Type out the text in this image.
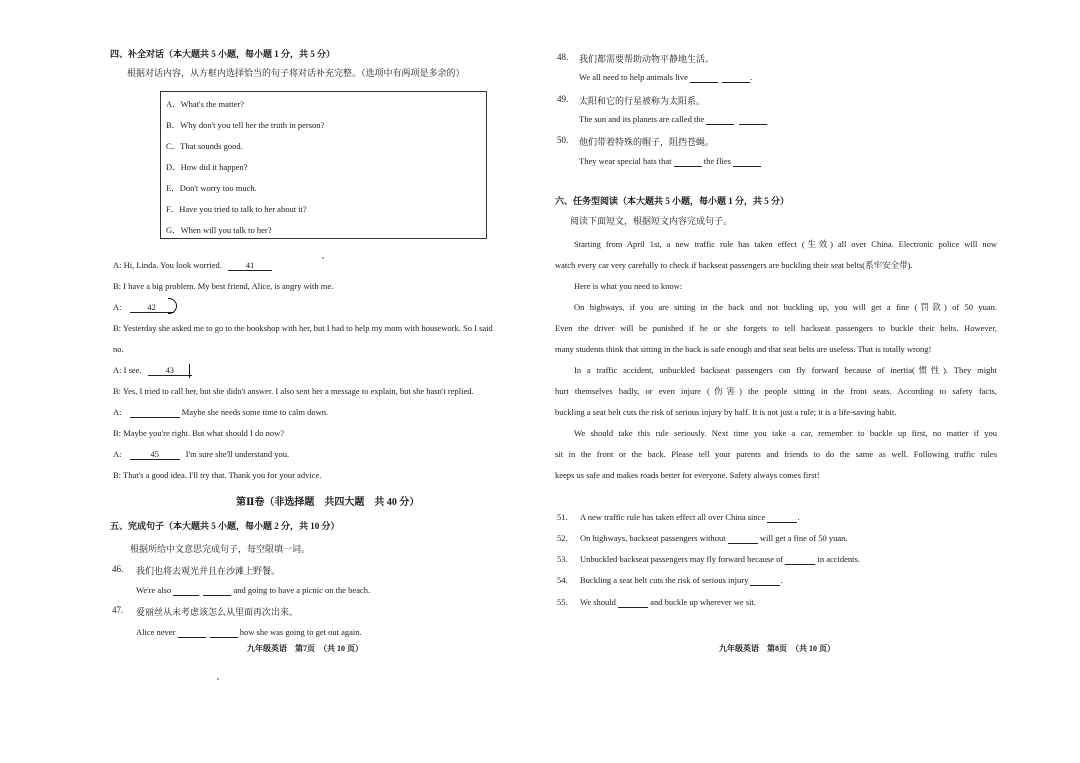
四、补全对话（本大题共 5 小题，每小题 1 分，共 5 分）
根据对话内容，从方框内选择恰当的句子将对话补充完整。（选项中有两项是多余的）
A．What's the matter?
B．Why don't you tell her the truth in person?
C．That sounds good.
D．How did it happen?
E．Don't worry too much.
F．Have you tried to talk to her about it?
G．When will you talk to her?
A: Hi, Linda. You look worried.	41
B: I have a big problem. My best friend, Alice, is angry with me.
A:	42
B: Yesterday she asked me to go to the bookshop with her, but I had to help my mom with housework. So I said
no.
A: I see.	43
B: Yes, I tried to call her, but she didn't answer. I also sent her a message to explain, but she hasn't replied.
A:	Maybe she needs some time to calm down.
B: Maybe you're right. But what should I do now?
A:	45	I'm sure she'll understand you.
B: That's a good idea. I'll try that. Thank you for your advice.
第Ⅱ卷（非选择题　共四大题　共 40 分）
五、完成句子（本大题共 5 小题，每小题 2 分，共 10 分）
根据所给中文意思完成句子，每空限填一词。
46. 我们也将去观光并且在沙滩上野餐。
We're also	and going to have a picnic on the beach.
47. 爱丽丝从未考虑该怎么从里面再次出来。
Alice never	how she was going to get out again.
九年级英语　第7页　（共 10 页）
48. 我们都需要帮助动物平静地生活。
We all need to help animals live	.
49. 太阳和它的行星被称为太阳系。
The sun and its planets are called the
50. 他们带着特殊的帽子，阻挡苍蝇。
They wear special hats that	the flies
六、任务型阅读（本大题共 5 小题，每小题 1 分，共 5 分）
阅读下面短文，根据短文内容完成句子。
Starting from April 1st, a new traffic rule has taken effect (生效) all over China. Electronic police will now
watch every car very carefully to check if backseat passengers are buckling their seat belts(系牢安全带).
Here is what you need to know:
On highways, if you are sitting in the back and not buckling up, you will get a fine (罚款) of 50 yuan.
Even the driver will be punished if he or she forgets to tell backseat passengers to buckle their belts. However,
many students think that sitting in the back is safe enough and that seat belts are useless. That is totally wrong!
In a traffic accident, unbuckled backseat passengers can fly forward because of inertia(惯性). They might
hurt themselves badly, or even injure (伤害) the people sitting in the front seats. According to safety facts,
buckling a seat belt cuts the risk of serious injury by half. It is not just a rule; it is a life-saving habit.
We should take this rule seriously. Next time you take a car, remember to buckle up first, no matter if you
sit in the front or the back. Please tell your parents and friends to do the same as well. Following traffic rules
keeps us safe and makes roads better for everyone. Safety always comes first!
51. A new traffic rule has taken effect all over China since	.
52. On highways, backseat passengers without	will get a fine of 50 yuan.
53. Unbuckled backseat passengers may fly forward because of	in accidents.
54. Buckling a seat belt cuts the risk of serious injury	.
55. We should	and buckle up wherever we sit.
九年级英语　第8页　（共 10 页）
